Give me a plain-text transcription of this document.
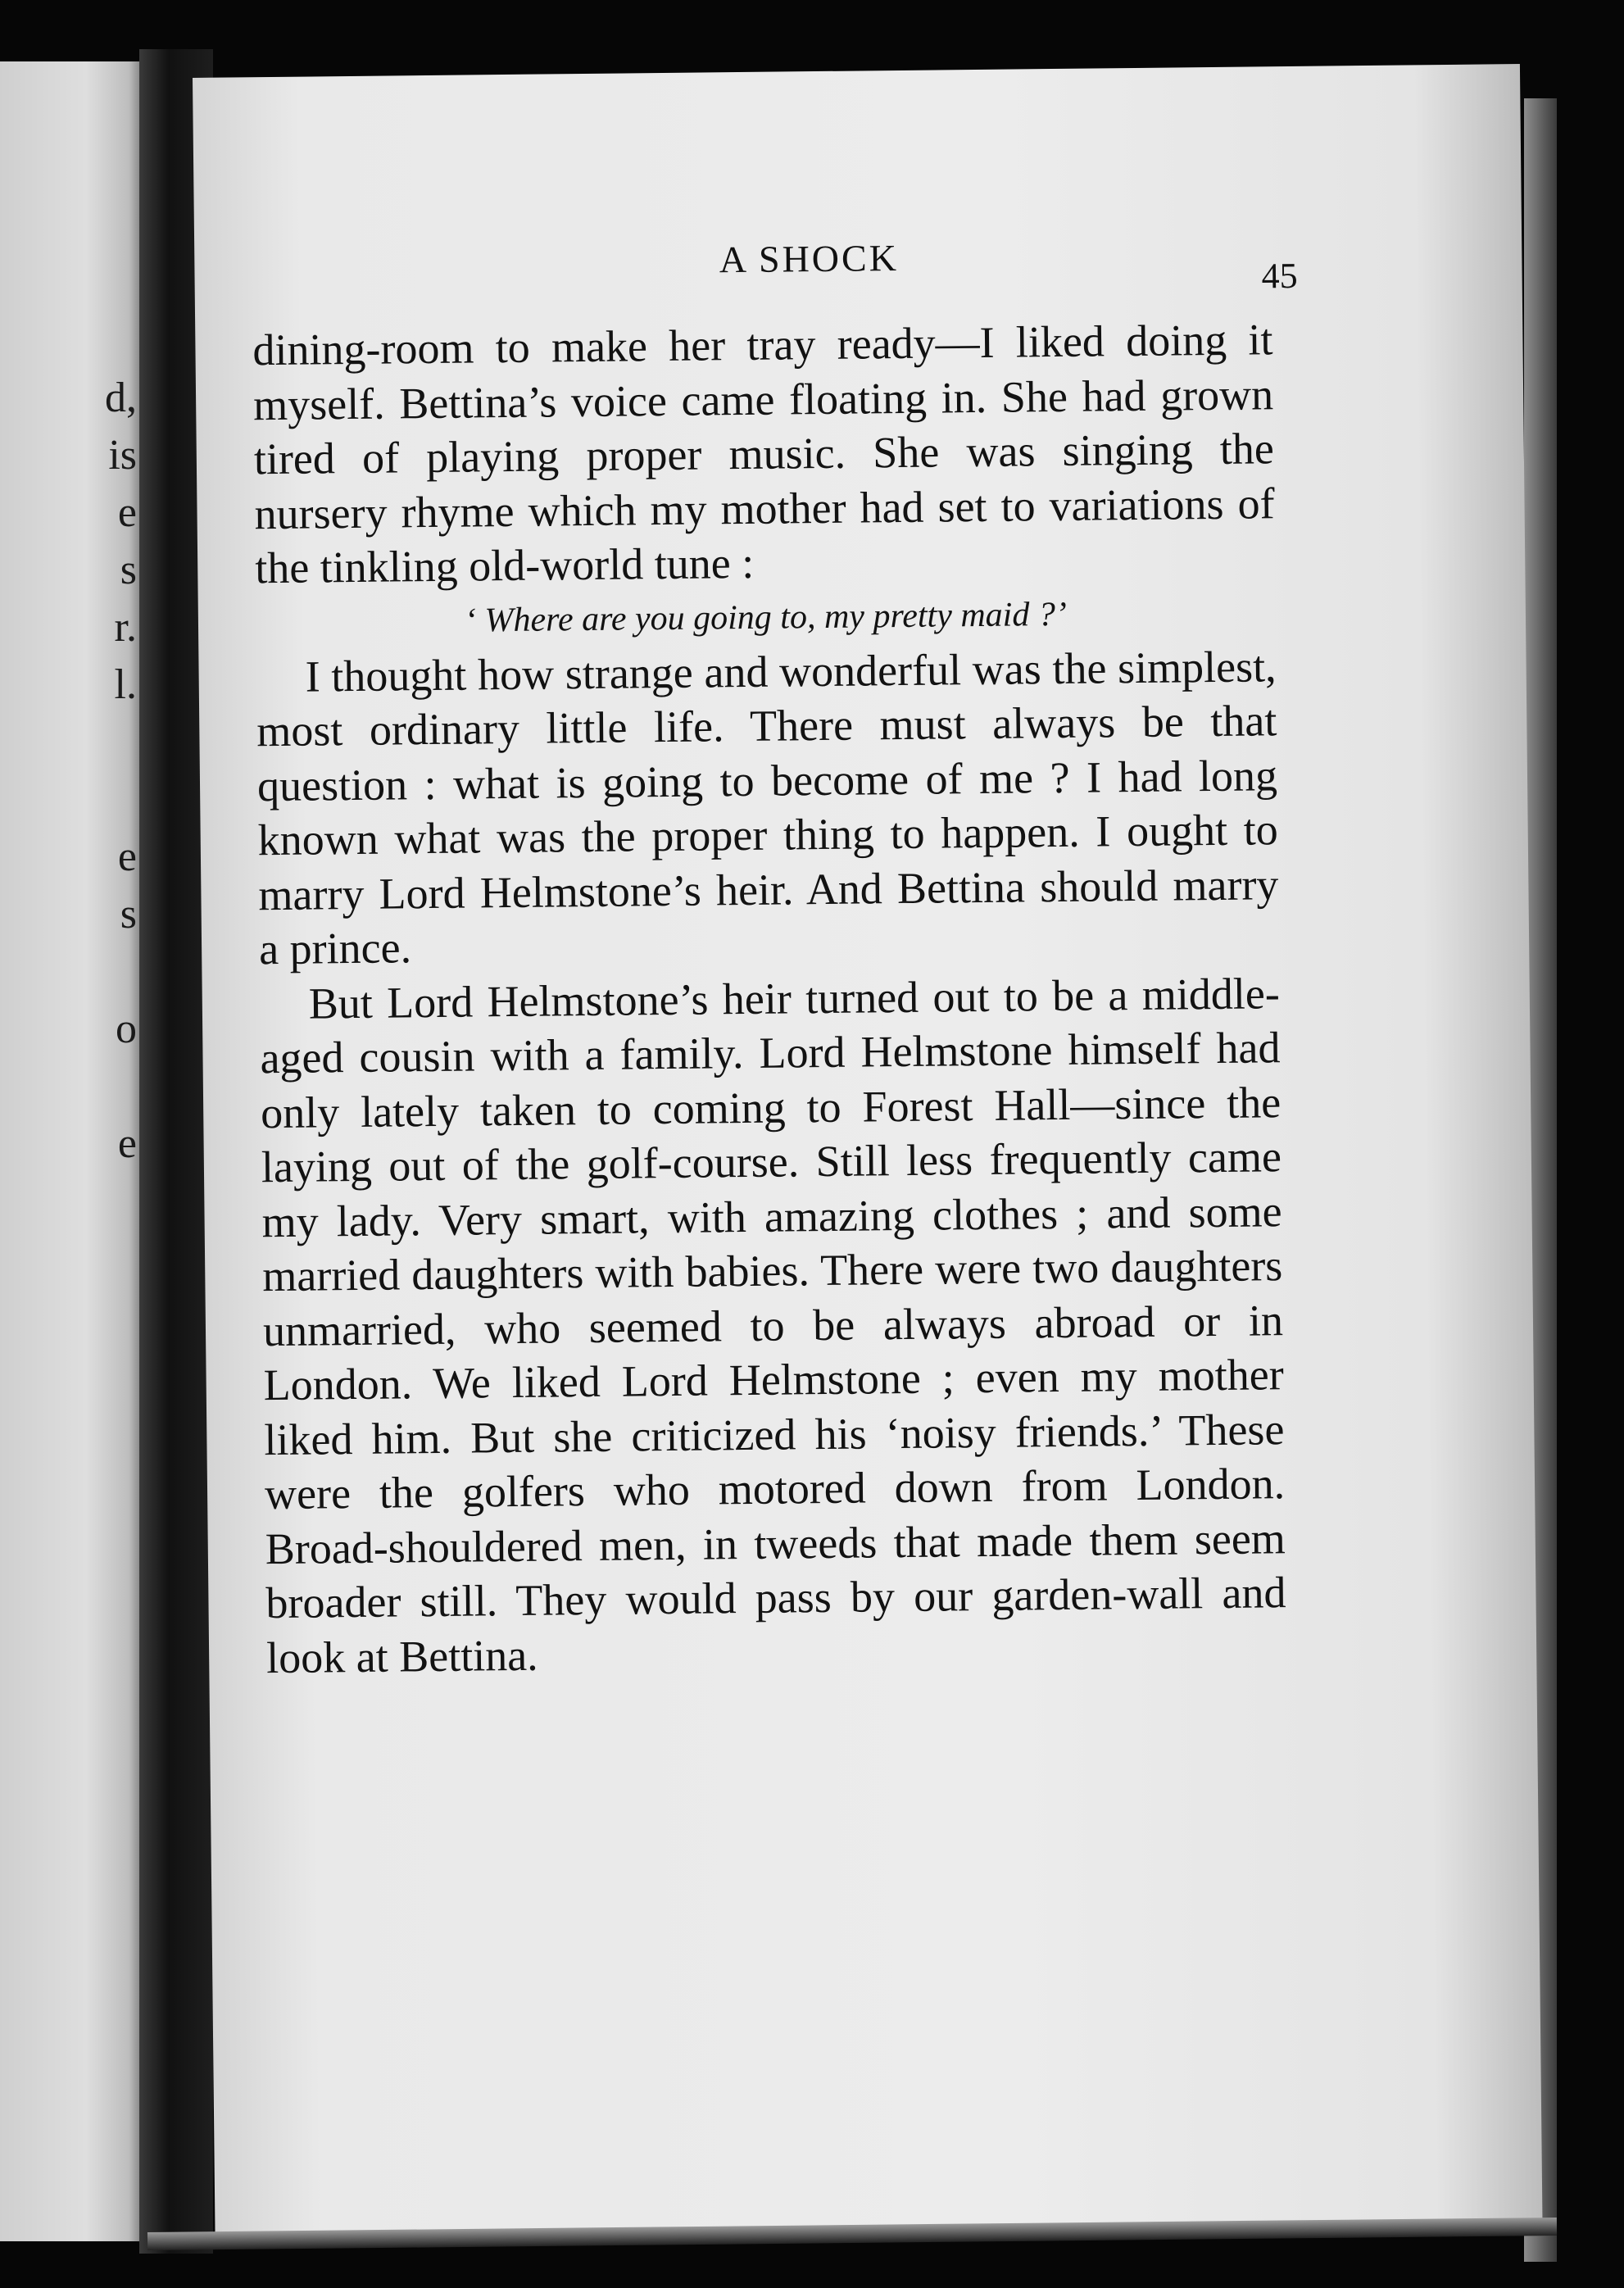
d,
is
e
s
r.
l.
e
s
o
e
A SHOCK	45

dining-room to make her tray ready—I liked doing it myself. Bettina’s voice came floating in. She had grown tired of playing proper music. She was singing the nursery rhyme which my mother had set to variations of the tinkling old-world tune :

‘ Where are you going to, my pretty maid ?’

I thought how strange and wonderful was the simplest, most ordinary little life. There must always be that question : what is going to become of me ? I had long known what was the proper thing to happen. I ought to marry Lord Helmstone’s heir. And Bettina should marry a prince.

But Lord Helmstone’s heir turned out to be a middle-aged cousin with a family. Lord Helmstone himself had only lately taken to coming to Forest Hall—since the laying out of the golf-course. Still less frequently came my lady. Very smart, with amazing clothes ; and some married daughters with babies. There were two daughters unmarried, who seemed to be always abroad or in London. We liked Lord Helmstone ; even my mother liked him. But she criticized his ‘noisy friends.’ These were the golfers who motored down from London. Broad-shouldered men, in tweeds that made them seem broader still. They would pass by our garden-wall and look at Bettina.
